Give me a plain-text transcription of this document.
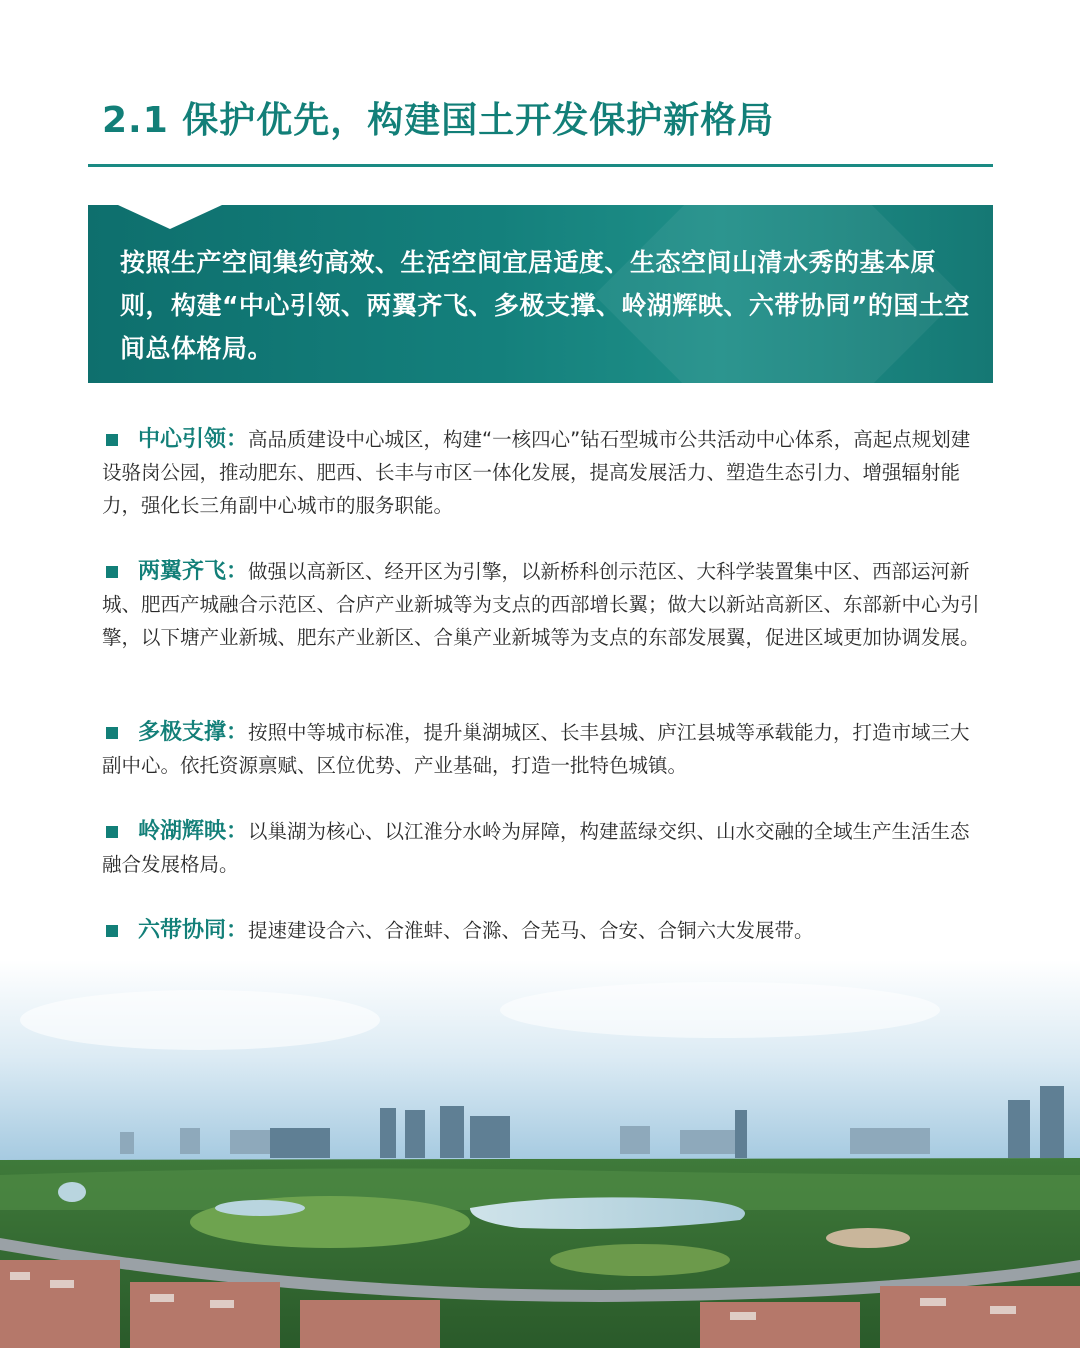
2.1 保护优先，构建国土开发保护新格局

按照生产空间集约高效、生活空间宜居适度、生态空间山清水秀的基本原则，构建“中心引领、两翼齐飞、多极支撑、岭湖辉映、六带协同”的国土空间总体格局。

中心引领：高品质建设中心城区，构建“一核四心”钻石型城市公共活动中心体系，高起点规划建设骆岗公园，推动肥东、肥西、长丰与市区一体化发展，提高发展活力、塑造生态引力、增强辐射能力，强化长三角副中心城市的服务职能。

两翼齐飞：做强以高新区、经开区为引擎，以新桥科创示范区、大科学装置集中区、西部运河新城、肥西产城融合示范区、合庐产业新城等为支点的西部增长翼；做大以新站高新区、东部新中心为引擎，以下塘产业新城、肥东产业新区、合巢产业新城等为支点的东部发展翼，促进区域更加协调发展。

多极支撑：按照中等城市标准，提升巢湖城区、长丰县城、庐江县城等承载能力，打造市域三大副中心。依托资源禀赋、区位优势、产业基础，打造一批特色城镇。

岭湖辉映：以巢湖为核心、以江淮分水岭为屏障，构建蓝绿交织、山水交融的全域生产生活生态融合发展格局。

六带协同：提速建设合六、合淮蚌、合滁、合芜马、合安、合铜六大发展带。
